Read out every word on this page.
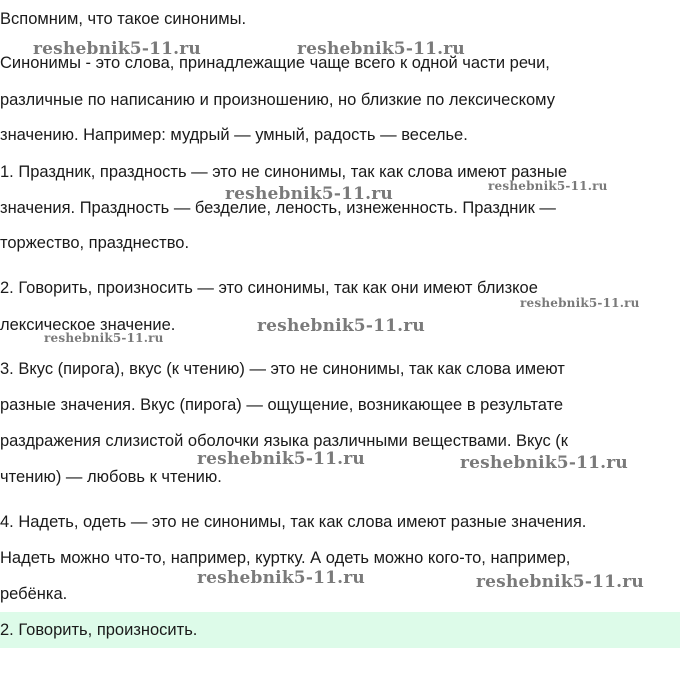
Вспомним, что такое синонимы.
Синонимы - это слова, принадлежащие чаще всего к одной части речи,
различные по написанию и произношению, но близкие по лексическому
значению. Например: мудрый — умный, радость — веселье.
1. Праздник, праздность — это не синонимы, так как слова имеют разные
значения. Праздность — безделие, леность, изнеженность. Праздник —
торжество, празднество.
2. Говорить, произносить — это синонимы, так как они имеют близкое
лексическое значение.
3. Вкус (пирога), вкус (к чтению) — это не синонимы, так как слова имеют
разные значения. Вкус (пирога) — ощущение, возникающее в результате
раздражения слизистой оболочки языка различными веществами. Вкус (к
чтению) — любовь к чтению.
4. Надеть, одеть — это не синонимы, так как слова имеют разные значения.
Надеть можно что-то, например, куртку. А одеть можно кого-то, например,
ребёнка.
2. Говорить, произносить.
reshebnik5-11.ru	reshebnik5-11.ru
reshebnik5-11.ru	reshebnik5-11.ru
reshebnik5-11.ru
reshebnik5-11.ru
reshebnik5-11.ru
reshebnik5-11.ru	reshebnik5-11.ru
reshebnik5-11.ru	reshebnik5-11.ru
